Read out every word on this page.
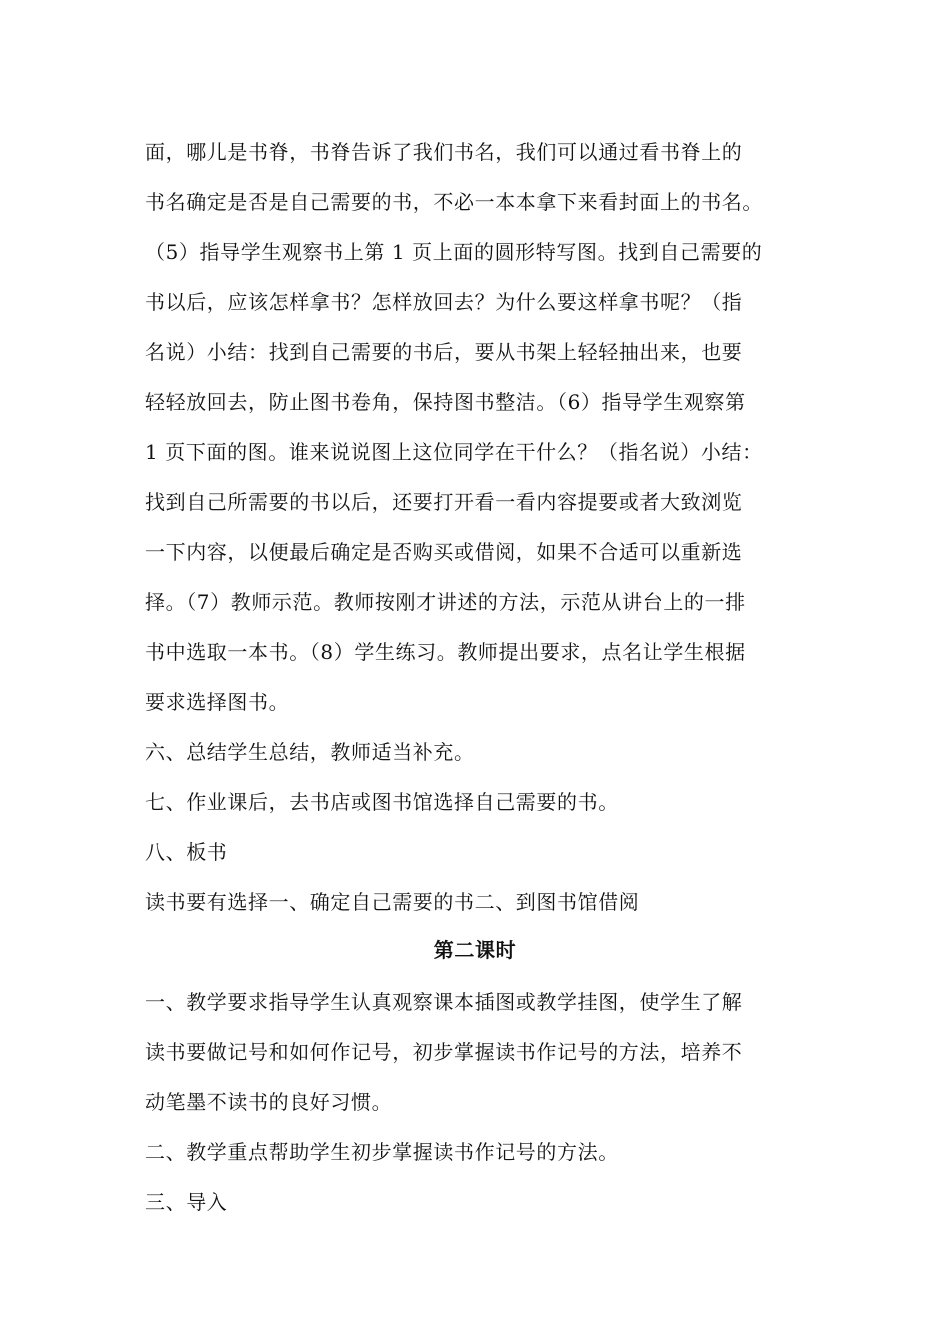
面，哪儿是书脊，书脊告诉了我们书名，我们可以通过看书脊上的
书名确定是否是自己需要的书，不必一本本拿下来看封面上的书名。
（5）指导学生观察书上第 1 页上面的圆形特写图。找到自己需要的
书以后，应该怎样拿书？怎样放回去？为什么要这样拿书呢？（指
名说）小结：找到自己需要的书后，要从书架上轻轻抽出来，也要
轻轻放回去，防止图书卷角，保持图书整洁。（6）指导学生观察第
1 页下面的图。谁来说说图上这位同学在干什么？（指名说）小结：
找到自己所需要的书以后，还要打开看一看内容提要或者大致浏览
一下内容，以便最后确定是否购买或借阅，如果不合适可以重新选
择。（7）教师示范。教师按刚才讲述的方法，示范从讲台上的一排
书中选取一本书。（8）学生练习。教师提出要求，点名让学生根据
要求选择图书。
六、总结学生总结，教师适当补充。
七、作业课后，去书店或图书馆选择自己需要的书。
八、板书
读书要有选择一、确定自己需要的书二、到图书馆借阅
第二课时
一、教学要求指导学生认真观察课本插图或教学挂图，使学生了解
读书要做记号和如何作记号，初步掌握读书作记号的方法，培养不
动笔墨不读书的良好习惯。
二、教学重点帮助学生初步掌握读书作记号的方法。
三、导入
